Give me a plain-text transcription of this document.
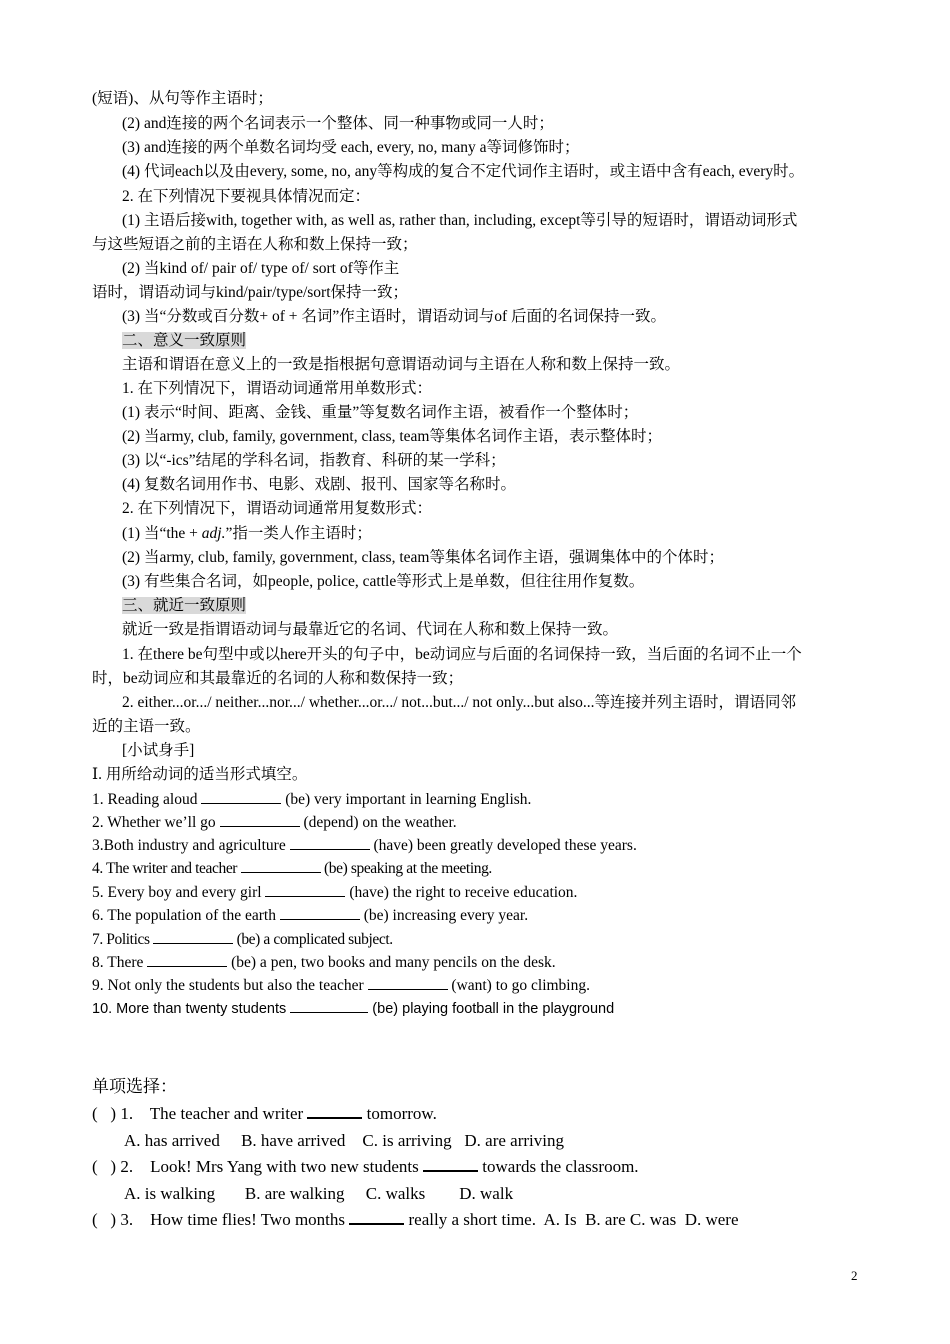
(短语)、从句等作主语时；
(2) and连接的两个名词表示一个整体、同一种事物或同一人时；
(3) and连接的两个单数名词均受 each, every, no, many a等词修饰时；
(4) 代词each以及由every, some, no, any等构成的复合不定代词作主语时，或主语中含有each, every时。
2. 在下列情况下要视具体情况而定：
(1) 主语后接with, together with, as well as, rather than, including, except等引导的短语时，谓语动词形式
与这些短语之前的主语在人称和数上保持一致；
(2) 当kind of/ pair of/ type of/ sort of等作主
语时，谓语动词与kind/pair/type/sort保持一致；
(3) 当“分数或百分数+ of + 名词”作主语时，谓语动词与of 后面的名词保持一致。
二、意义一致原则
主语和谓语在意义上的一致是指根据句意谓语动词与主语在人称和数上保持一致。
1. 在下列情况下，谓语动词通常用单数形式：
(1) 表示“时间、距离、金钱、重量”等复数名词作主语，被看作一个整体时；
(2) 当army, club, family, government, class, team等集体名词作主语，表示整体时；
(3) 以“-ics”结尾的学科名词，指教育、科研的某一学科；
(4) 复数名词用作书、电影、戏剧、报刊、国家等名称时。
2. 在下列情况下，谓语动词通常用复数形式：
(1) 当“the + adj.”指一类人作主语时；
(2) 当army, club, family, government, class, team等集体名词作主语，强调集体中的个体时；
(3) 有些集合名词，如people, police, cattle等形式上是单数，但往往用作复数。
三、就近一致原则
就近一致是指谓语动词与最靠近它的名词、代词在人称和数上保持一致。
1. 在there be句型中或以here开头的句子中，be动词应与后面的名词保持一致，当后面的名词不止一个
时，be动词应和其最靠近的名词的人称和数保持一致；
2. either...or.../ neither...nor.../ whether...or.../ not...but.../ not only...but also...等连接并列主语时，谓语同邻
近的主语一致。
[小试身手]
Ⅰ. 用所给动词的适当形式填空。
1. Reading aloud	(be) very important in learning English.
2. Whether we’ll go	(depend) on the weather.
3.Both industry and agriculture	(have) been greatly developed these years.
4. The writer and teacher	(be) speaking at the meeting.
5. Every boy and every girl	(have) the right to receive education.
6. The population of the earth	(be) increasing every year.
7. Politics	(be) a complicated subject.
8. There	(be) a pen, two books and many pencils on the desk.
9. Not only the students but also the teacher	(want) to go climbing.
10. More than twenty students	(be) playing football in the playground
单项选择：
(   ) 1.    The teacher and writer	tomorrow.
A. has arrived     B. have arrived    C. is arriving   D. are arriving
(   ) 2.    Look! Mrs Yang with two new students	towards the classroom.
A. is walking       B. are walking     C. walks        D. walk
(   ) 3.    How time flies! Two months	really a short time.  A. Is  B. are C. was  D. were
2
